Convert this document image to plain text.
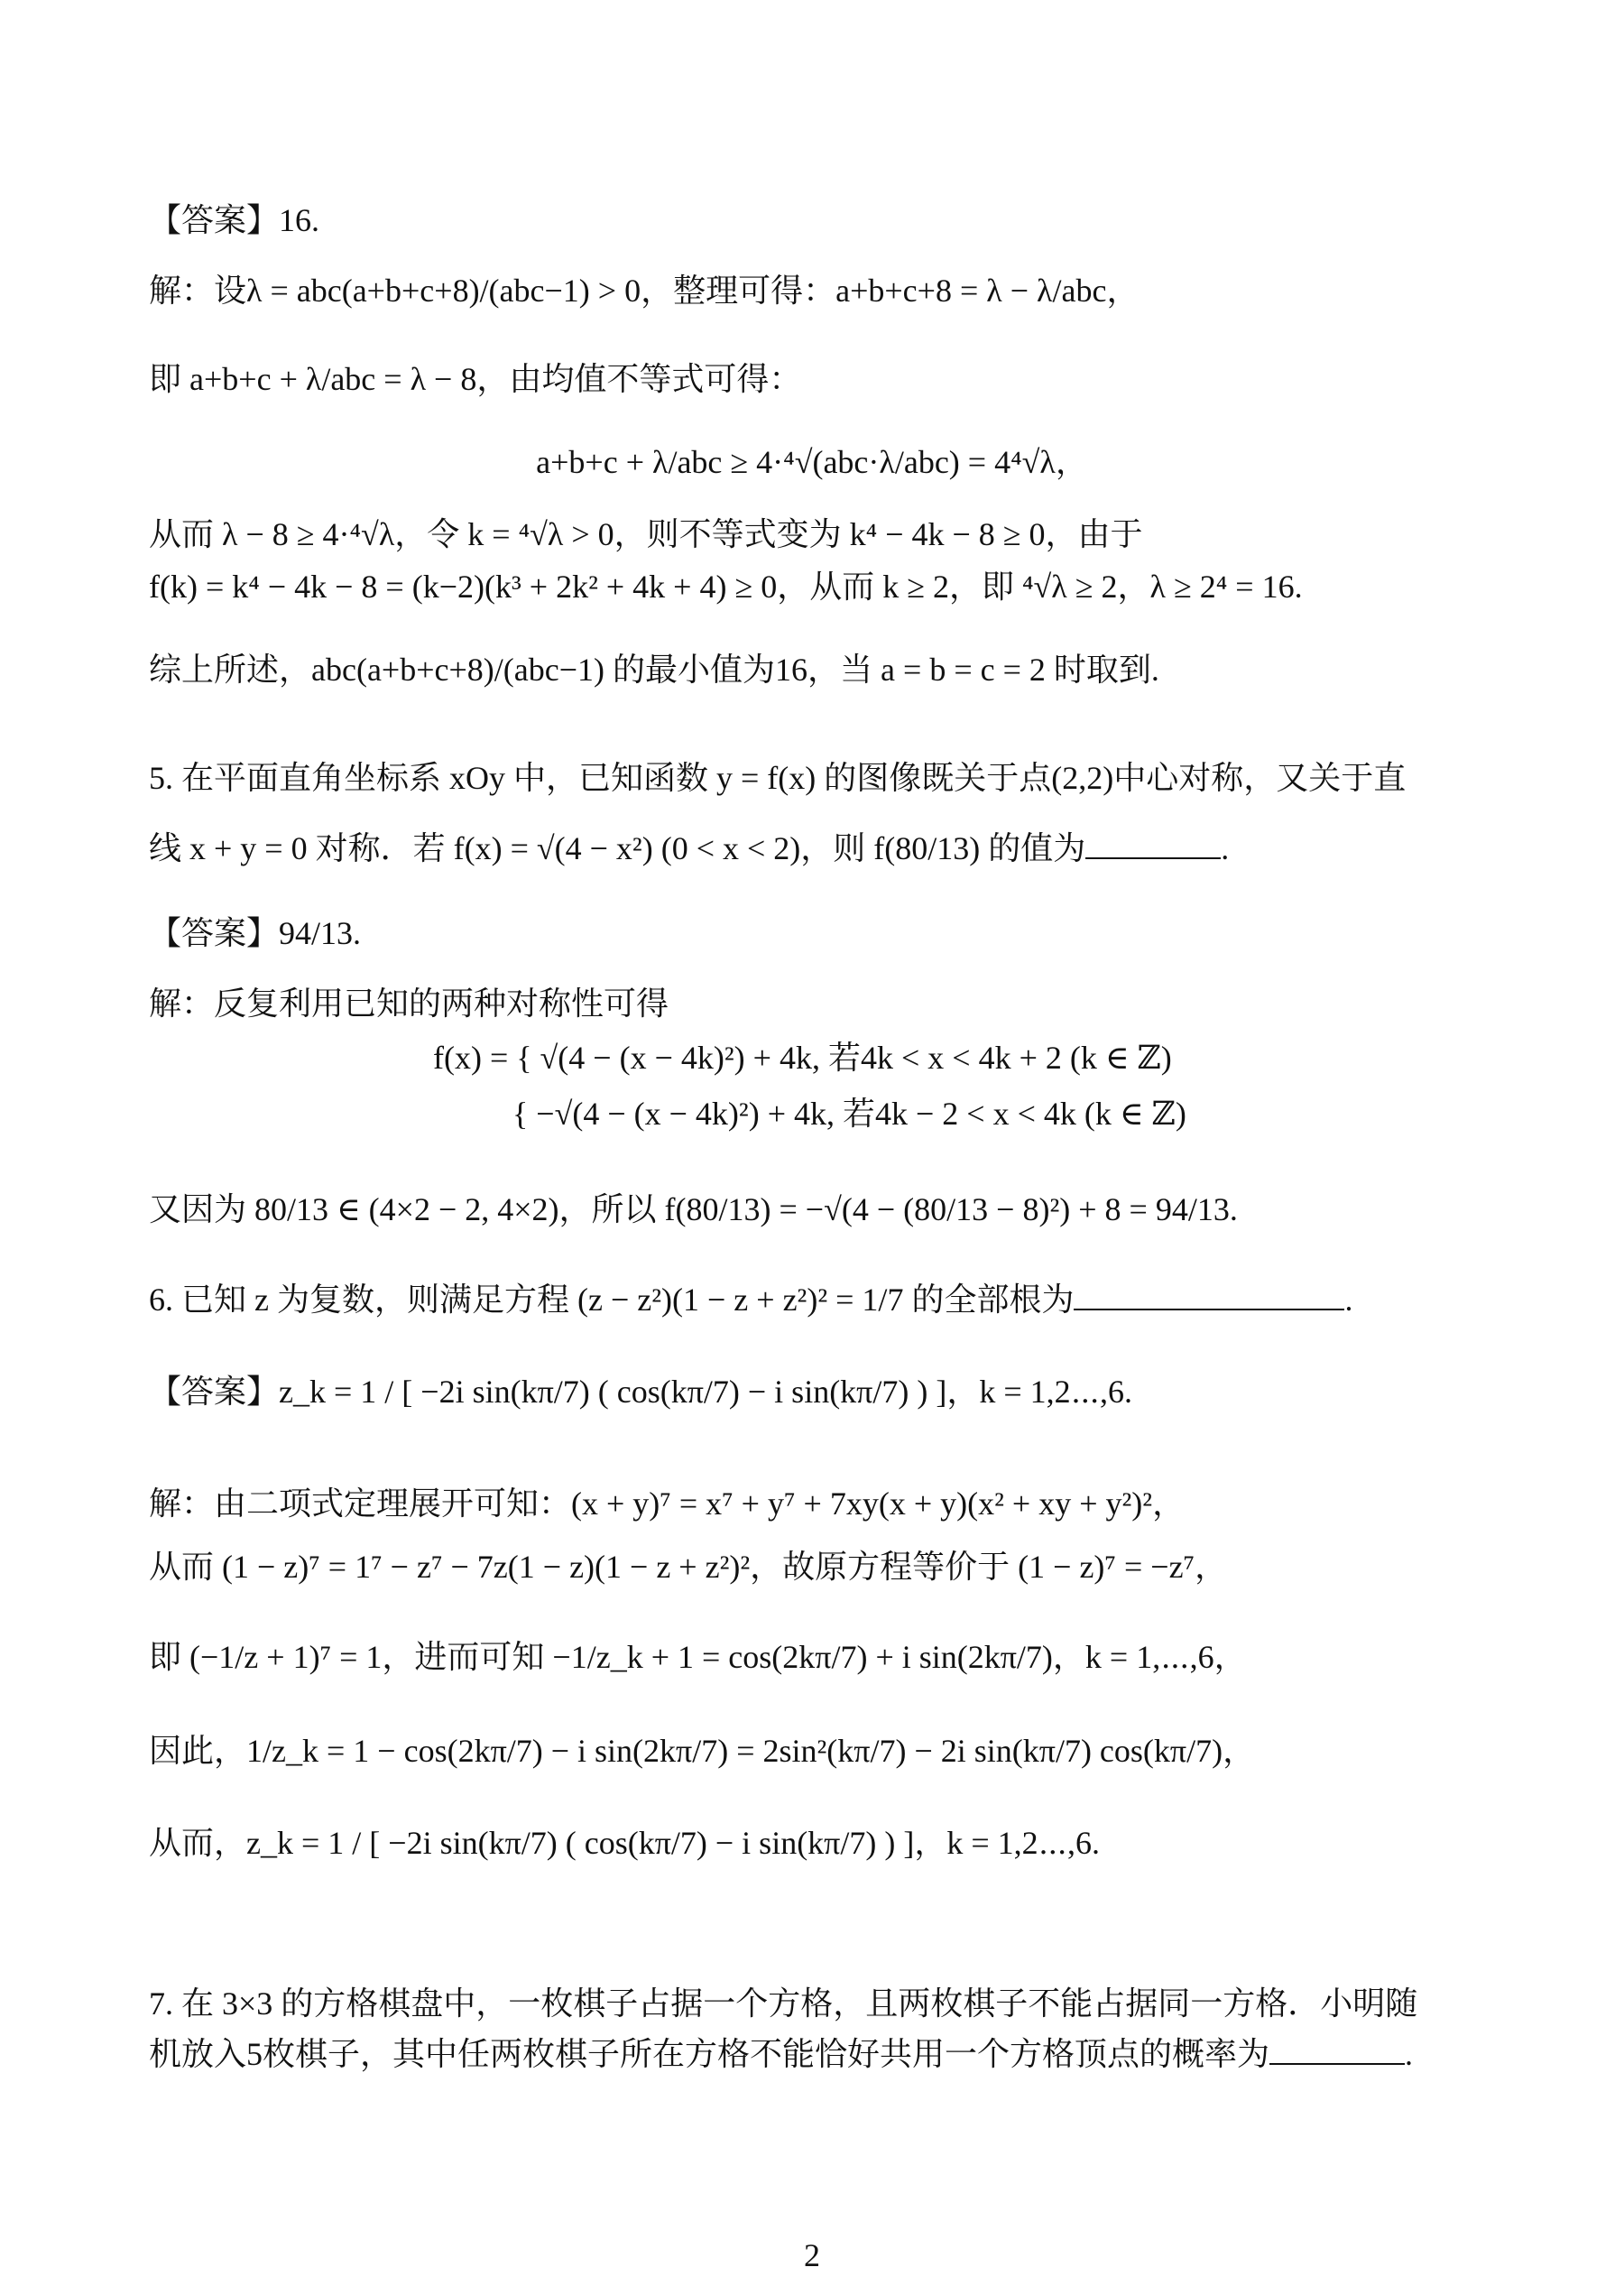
【答案】16.
解：设λ = abc(a+b+c+8)/(abc−1) > 0，整理可得：a+b+c+8 = λ − λ/abc，
即 a+b+c + λ/abc = λ − 8，由均值不等式可得：
a+b+c + λ/abc ≥ 4·⁴√(abc·λ/abc) = 4⁴√λ，
从而 λ − 8 ≥ 4·⁴√λ，令 k = ⁴√λ > 0，则不等式变为 k⁴ − 4k − 8 ≥ 0，由于
f(k) = k⁴ − 4k − 8 = (k−2)(k³ + 2k² + 4k + 4) ≥ 0，从而 k ≥ 2，即 ⁴√λ ≥ 2，λ ≥ 2⁴ = 16.
综上所述，abc(a+b+c+8)/(abc−1) 的最小值为16，当 a = b = c = 2 时取到.
5. 在平面直角坐标系 xOy 中，已知函数 y = f(x) 的图像既关于点(2,2)中心对称，又关于直
线 x + y = 0 对称．若 f(x) = √(4 − x²) (0 < x < 2)，则 f(80/13) 的值为	.
【答案】94/13.
解：反复利用已知的两种对称性可得
f(x) = { √(4 − (x − 4k)²) + 4k, 若4k < x < 4k + 2 (k ∈ ℤ)
{ −√(4 − (x − 4k)²) + 4k, 若4k − 2 < x < 4k (k ∈ ℤ)
又因为 80/13 ∈ (4×2 − 2, 4×2)，所以 f(80/13) = −√(4 − (80/13 − 8)²) + 8 = 94/13.
6. 已知 z 为复数，则满足方程 (z − z²)(1 − z + z²)² = 1/7 的全部根为	.
【答案】z_k = 1 / [ −2i sin(kπ/7) ( cos(kπ/7) − i sin(kπ/7) ) ]，k = 1,2⋯,6.
解：由二项式定理展开可知：(x + y)⁷ = x⁷ + y⁷ + 7xy(x + y)(x² + xy + y²)²，
从而 (1 − z)⁷ = 1⁷ − z⁷ − 7z(1 − z)(1 − z + z²)²，故原方程等价于 (1 − z)⁷ = −z⁷，
即 (−1/z + 1)⁷ = 1，进而可知 −1/z_k + 1 = cos(2kπ/7) + i sin(2kπ/7)，k = 1,⋯,6，
因此，1/z_k = 1 − cos(2kπ/7) − i sin(2kπ/7) = 2sin²(kπ/7) − 2i sin(kπ/7) cos(kπ/7)，
从而，z_k = 1 / [ −2i sin(kπ/7) ( cos(kπ/7) − i sin(kπ/7) ) ]，k = 1,2⋯,6.
7. 在 3×3 的方格棋盘中，一枚棋子占据一个方格，且两枚棋子不能占据同一方格．小明随
机放入5枚棋子，其中任两枚棋子所在方格不能恰好共用一个方格顶点的概率为	.
2
